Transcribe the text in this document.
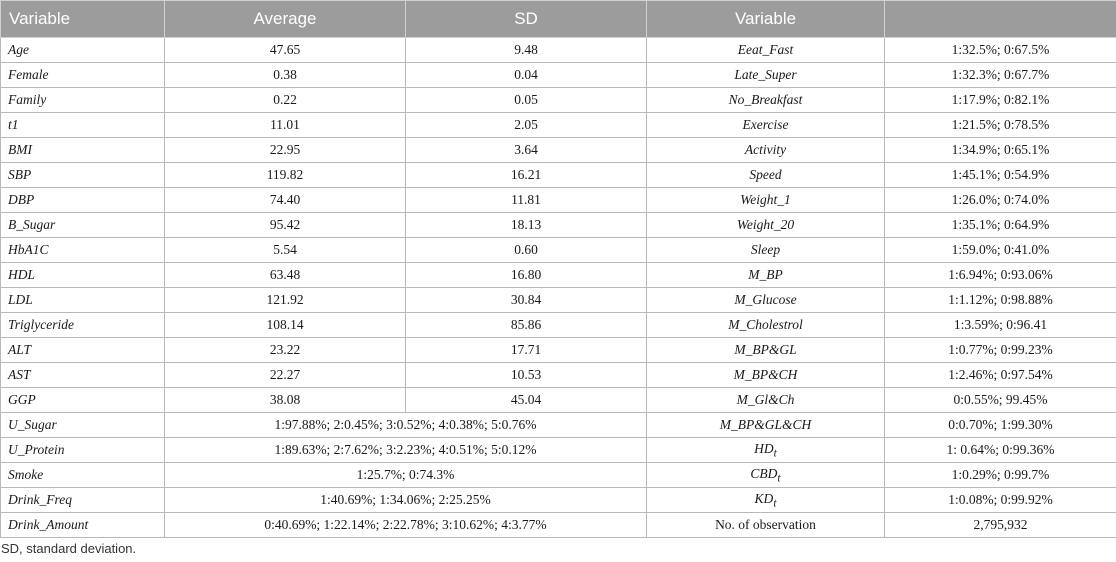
Variable	Average	SD	Variable	
Age	47.65	9.48	Eeat_Fast	1:32.5%; 0:67.5%
Female	0.38	0.04	Late_Super	1:32.3%; 0:67.7%
Family	0.22	0.05	No_Breakfast	1:17.9%; 0:82.1%
t1	11.01	2.05	Exercise	1:21.5%; 0:78.5%
BMI	22.95	3.64	Activity	1:34.9%; 0:65.1%
SBP	119.82	16.21	Speed	1:45.1%; 0:54.9%
DBP	74.40	11.81	Weight_1	1:26.0%; 0:74.0%
B_Sugar	95.42	18.13	Weight_20	1:35.1%; 0:64.9%
HbA1C	5.54	0.60	Sleep	1:59.0%; 0:41.0%
HDL	63.48	16.80	M_BP	1:6.94%; 0:93.06%
LDL	121.92	30.84	M_Glucose	1:1.12%; 0:98.88%
Triglyceride	108.14	85.86	M_Cholestrol	1:3.59%; 0:96.41
ALT	23.22	17.71	M_BP&GL	1:0.77%; 0:99.23%
AST	22.27	10.53	M_BP&CH	1:2.46%; 0:97.54%
GGP	38.08	45.04	M_Gl&Ch	0:0.55%; 99.45%
U_Sugar	1:97.88%; 2:0.45%; 3:0.52%; 4:0.38%; 5:0.76%		M_BP&GL&CH	0:0.70%; 1:99.30%
U_Protein	1:89.63%; 2:7.62%; 3:2.23%; 4:0.51%; 5:0.12%		$HD_t$	1: 0.64%; 0:99.36%
Smoke	1:25.7%; 0:74.3%		$CBD_t$	1:0.29%; 0:99.7%
Drink_Freq	1:40.69%; 1:34.06%; 2:25.25%		$KD_t$	1:0.08%; 0:99.92%
Drink_Amount	0:40.69%; 1:22.14%; 2:22.78%; 3:10.62%; 4:3.77%		No. of observation	2,795,932
SD, standard deviation.
